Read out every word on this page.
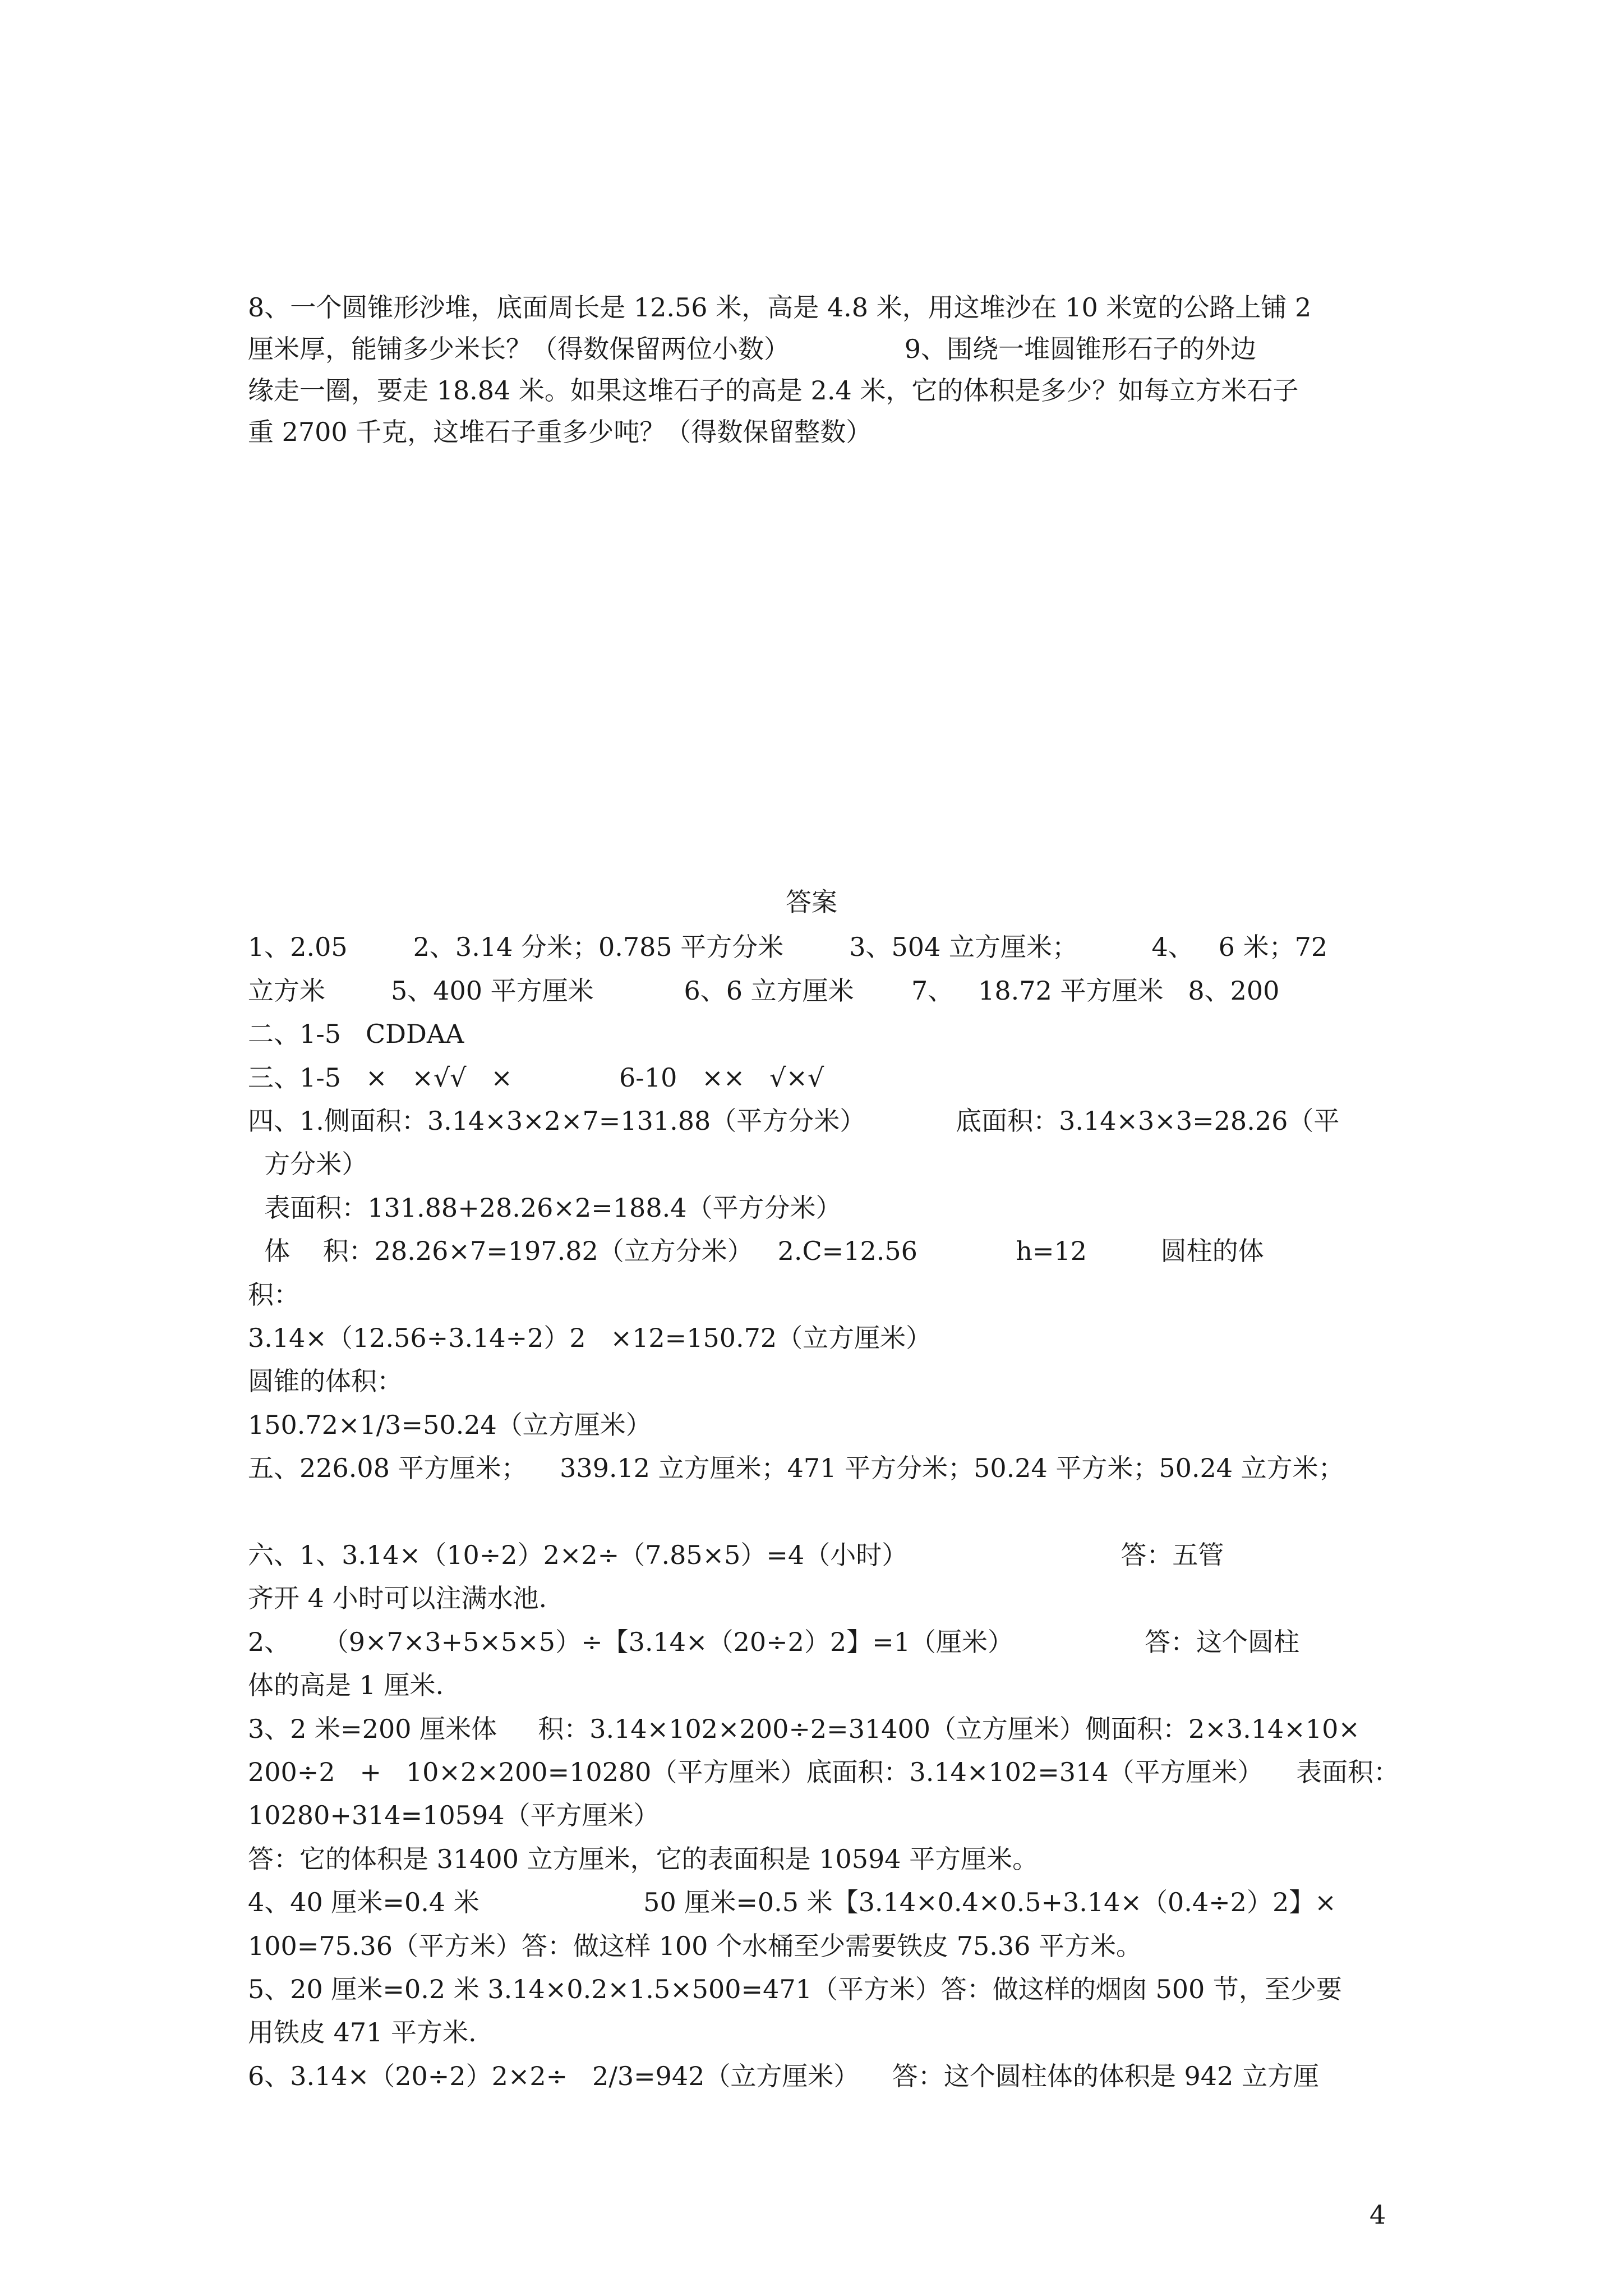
8、一个圆锥形沙堆，底面周长是 12.56 米，高是 4.8 米，用这堆沙在 10 米宽的公路上铺 2
厘米厚，能铺多少米长？（得数保留两位小数）              9、围绕一堆圆锥形石子的外边
缘走一圈，要走 18.84 米。如果这堆石子的高是 2.4 米，它的体积是多少？如每立方米石子
重 2700 千克，这堆石子重多少吨？（得数保留整数）
答案
1、2.05        2、3.14 分米；0.785 平方分米        3、504 立方厘米；         4、   6 米；72
立方米        5、400 平方厘米           6、6 立方厘米       7、   18.72 平方厘米   8、200
二、1-5   CDDAA
三、1-5   ×   ×√√   ×             6-10   ××   √×√
四、1.侧面积：3.14×3×2×7=131.88（平方分米）           底面积：3.14×3×3=28.26（平
方分米）
表面积：131.88+28.26×2=188.4（平方分米）
体    积：28.26×7=197.82（立方分米）   2.C=12.56            h=12         圆柱的体
积：
3.14×（12.56÷3.14÷2）2   ×12=150.72（立方厘米）
圆锥的体积：
150.72×1/3=50.24（立方厘米）
五、226.08 平方厘米；    339.12 立方厘米；471 平方分米；50.24 平方米；50.24 立方米；
六、1、3.14×（10÷2）2×2÷（7.85×5）=4（小时）                          答：五管
齐开 4 小时可以注满水池.
2、    （9×7×3+5×5×5）÷【3.14×（20÷2）2】=1（厘米）                答：这个圆柱
体的高是 1 厘米.
3、2 米=200 厘米体     积：3.14×102×200÷2=31400（立方厘米）侧面积：2×3.14×10×
200÷2   +   10×2×200=10280（平方厘米）底面积：3.14×102=314（平方厘米）    表面积：
10280+314=10594（平方厘米）
答：它的体积是 31400 立方厘米，它的表面积是 10594 平方厘米。
4、40 厘米=0.4 米                    50 厘米=0.5 米【3.14×0.4×0.5+3.14×（0.4÷2）2】×
100=75.36（平方米）答：做这样 100 个水桶至少需要铁皮 75.36 平方米。
5、20 厘米=0.2 米 3.14×0.2×1.5×500=471（平方米）答：做这样的烟囱 500 节，至少要
用铁皮 471 平方米.
6、3.14×（20÷2）2×2÷   2/3=942（立方厘米）    答：这个圆柱体的体积是 942 立方厘
4
